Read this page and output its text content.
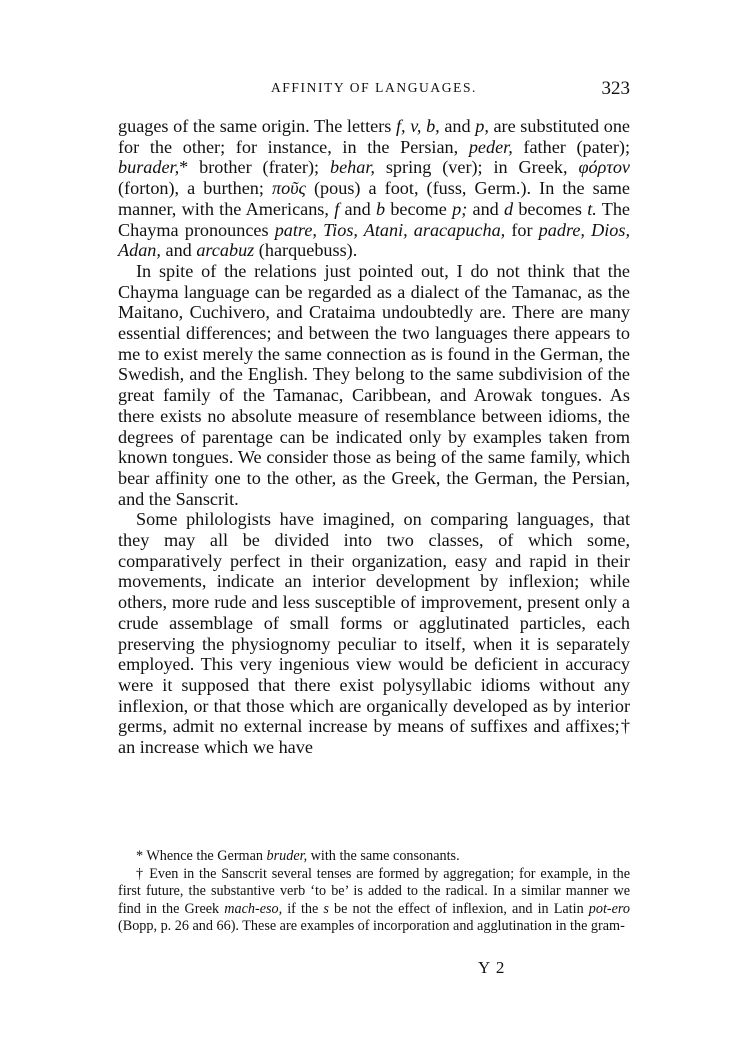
AFFINITY OF LANGUAGES.	323

guages of the same origin. The letters f, v, b, and p, are substituted one for the other; for instance, in the Persian, peder, father (pater); burader,* brother (frater); behar, spring (ver); in Greek, φόρτον (forton), a burthen; ποῦς (pous) a foot, (fuss, Germ.). In the same manner, with the Americans, f and b become p; and d becomes t. The Chayma pronounces patre, Tios, Atani, aracapucha, for padre, Dios, Adan, and arcabuz (harquebuss).

In spite of the relations just pointed out, I do not think that the Chayma language can be regarded as a dialect of the Tamanac, as the Maitano, Cuchivero, and Crataima undoubtedly are. There are many essential differences; and between the two languages there appears to me to exist merely the same connection as is found in the German, the Swedish, and the English. They belong to the same subdivision of the great family of the Tamanac, Caribbean, and Arowak tongues. As there exists no absolute measure of resemblance between idioms, the degrees of parentage can be indicated only by examples taken from known tongues. We consider those as being of the same family, which bear affinity one to the other, as the Greek, the German, the Persian, and the Sanscrit.

Some philologists have imagined, on comparing languages, that they may all be divided into two classes, of which some, comparatively perfect in their organization, easy and rapid in their movements, indicate an interior development by inflexion; while others, more rude and less susceptible of improvement, present only a crude assemblage of small forms or agglutinated particles, each preserving the physiognomy peculiar to itself, when it is separately employed. This very ingenious view would be deficient in accuracy were it supposed that there exist polysyllabic idioms without any inflexion, or that those which are organically developed as by interior germs, admit no external increase by means of suffixes and affixes;† an increase which we have

* Whence the German bruder, with the same consonants.

† Even in the Sanscrit several tenses are formed by aggregation; for example, in the first future, the substantive verb ‘to be’ is added to the radical. In a similar manner we find in the Greek mach-eso, if the s be not the effect of inflexion, and in Latin pot-ero (Bopp, p. 26 and 66). These are examples of incorporation and agglutination in the gram-

Y 2
